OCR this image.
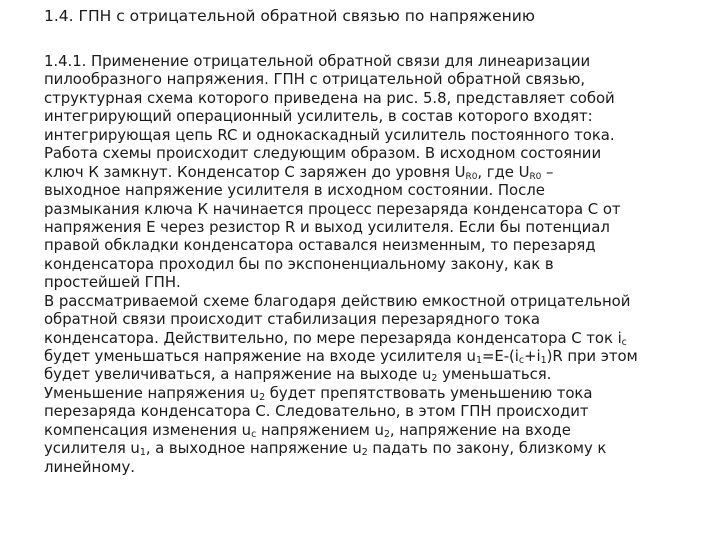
1.4. ГПН с отрицательной обратной связью по напряжению
1.4.1. Применение отрицательной обратной связи для линеаризации
пилообразного напряжения. ГПН с отрицательной обратной связью,
структурная схема которого приведена на рис. 5.8, представляет собой
интегрирующий операционный усилитель, в состав которого входят:
интегрирующая цепь RC и однокаскадный усилитель постоянного тока.
Работа схемы происходит следующим образом. В исходном состоянии
ключ К замкнут. Конденсатор С заряжен до уровня $U_{R0}$, где $U_{R0}$ –
выходное напряжение усилителя в исходном состоянии. После
размыкания ключа К начинается процесс перезаряда конденсатора С от
напряжения Е через резистор R и выход усилителя. Если бы потенциал
правой обкладки конденсатора оставался неизменным, то перезаряд
конденсатора проходил бы по экспоненциальному закону, как в
простейшей ГПН.
В рассматриваемой схеме благодаря действию емкостной отрицательной
обратной связи происходит стабилизация перезарядного тока
конденсатора. Действительно, по мере перезаряда конденсатора С ток $i_с$
будет уменьшаться напряжение на входе усилителя $u_1=Е-(i_с+i_1)R$ при этом
будет увеличиваться, а напряжение на выходе $u_2$ уменьшаться.
Уменьшение напряжения $u_2$ будет препятствовать уменьшению тока
перезаряда конденсатора С. Следовательно, в этом ГПН происходит
компенсация изменения $u_с$ напряжением $u_2$, напряжение на входе
усилителя $u_1$, а выходное напряжение $u_2$ падать по закону, близкому к
линейному.
